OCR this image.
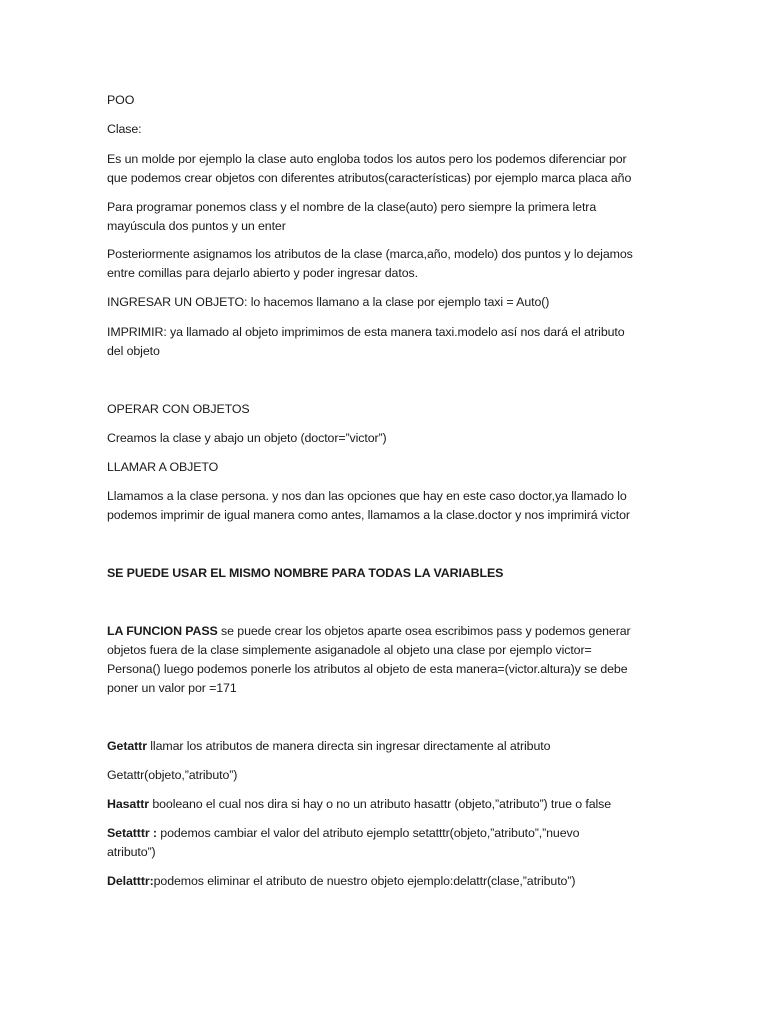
POO
Clase:
Es un molde por ejemplo la clase auto engloba todos los autos pero los podemos diferenciar por
que podemos crear objetos con diferentes atributos(características) por ejemplo marca placa año
Para programar ponemos class y el nombre de la clase(auto) pero siempre la primera letra
mayúscula dos puntos y un enter
Posteriormente asignamos los atributos de la clase (marca,año, modelo) dos puntos y lo dejamos
entre comillas para dejarlo abierto y poder ingresar datos.
INGRESAR UN OBJETO: lo hacemos llamano a la clase por ejemplo taxi = Auto()
IMPRIMIR: ya llamado al objeto imprimimos de esta manera taxi.modelo así nos dará el atributo
del objeto
OPERAR CON OBJETOS
Creamos la clase y abajo un objeto (doctor=”victor”)
LLAMAR A OBJETO
Llamamos a la clase persona. y nos dan las opciones que hay en este caso doctor,ya llamado lo
podemos imprimir de igual manera como antes, llamamos a la clase.doctor y nos imprimirá victor
SE PUEDE USAR EL MISMO NOMBRE PARA TODAS LA VARIABLES
LA FUNCION PASS se puede crear los objetos aparte osea escribimos pass y podemos generar
objetos fuera de la clase simplemente asiganadole al objeto una clase por ejemplo victor=
Persona() luego podemos ponerle los atributos al objeto de esta manera=(victor.altura)y se debe
poner un valor por =171
Getattr llamar los atributos de manera directa sin ingresar directamente al atributo
Getattr(objeto,”atributo”)
Hasattr booleano el cual nos dira si hay o no un atributo hasattr (objeto,”atributo”) true o false
Setatttr : podemos cambiar el valor del atributo ejemplo setatttr(objeto,”atributo”,”nuevo
atributo”)
Delatttr:podemos eliminar el atributo de nuestro objeto ejemplo:delattr(clase,”atributo”)
